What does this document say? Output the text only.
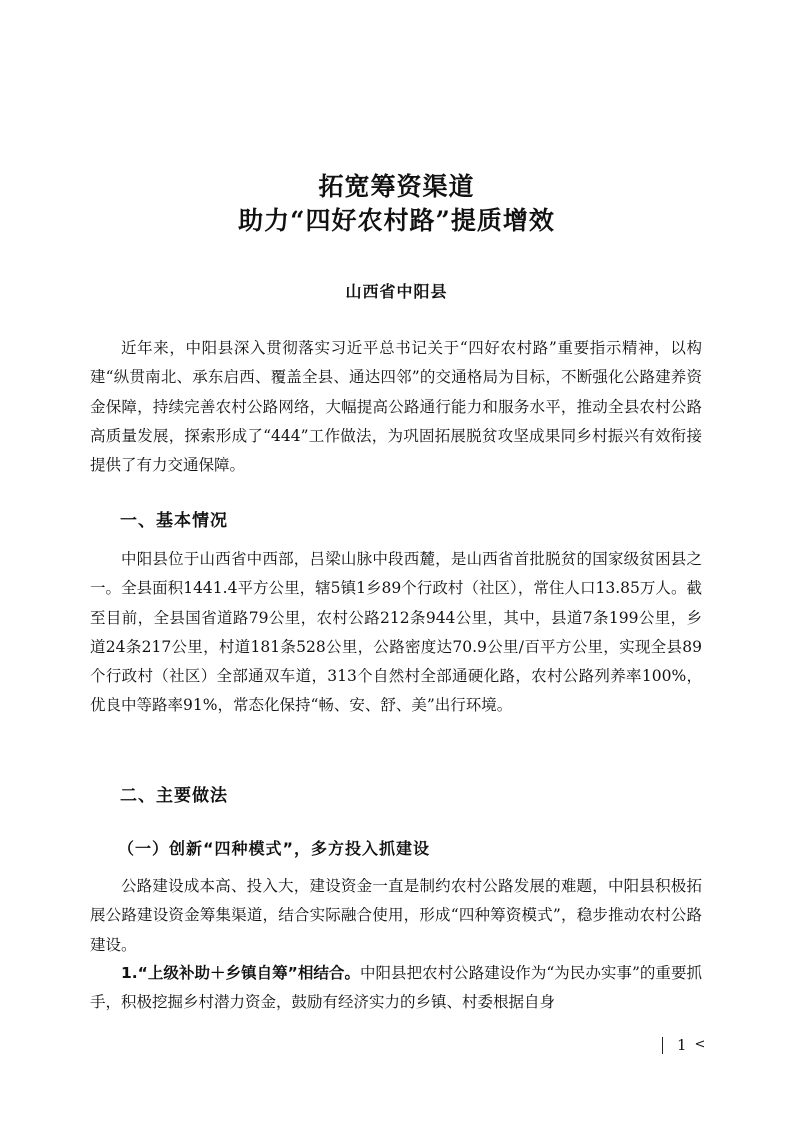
拓宽筹资渠道
助力“四好农村路”提质增效
山西省中阳县

近年来，中阳县深入贯彻落实习近平总书记关于“四好农村路”重要指示精神，以构建“纵贯南北、承东启西、覆盖全县、通达四邻”的交通格局为目标，不断强化公路建养资金保障，持续完善农村公路网络，大幅提高公路通行能力和服务水平，推动全县农村公路高质量发展，探索形成了“444”工作做法，为巩固拓展脱贫攻坚成果同乡村振兴有效衔接提供了有力交通保障。

一、基本情况

中阳县位于山西省中西部，吕梁山脉中段西麓，是山西省首批脱贫的国家级贫困县之一。全县面积1441.4平方公里，辖5镇1乡89个行政村（社区），常住人口13.85万人。截至目前，全县国省道路79公里，农村公路212条944公里，其中，县道7条199公里，乡道24条217公里，村道181条528公里，公路密度达70.9公里/百平方公里，实现全县89个行政村（社区）全部通双车道，313个自然村全部通硬化路，农村公路列养率100%，优良中等路率91%，常态化保持“畅、安、舒、美”出行环境。

二、主要做法
（一）创新“四种模式”，多方投入抓建设

公路建设成本高、投入大，建设资金一直是制约农村公路发展的难题，中阳县积极拓展公路建设资金筹集渠道，结合实际融合使用，形成“四种筹资模式”，稳步推动农村公路建设。

1.“上级补助＋乡镇自筹”相结合。中阳县把农村公路建设作为“为民办实事”的重要抓手，积极挖掘乡村潜力资金，鼓励有经济实力的乡镇、村委根据自身

1 <
